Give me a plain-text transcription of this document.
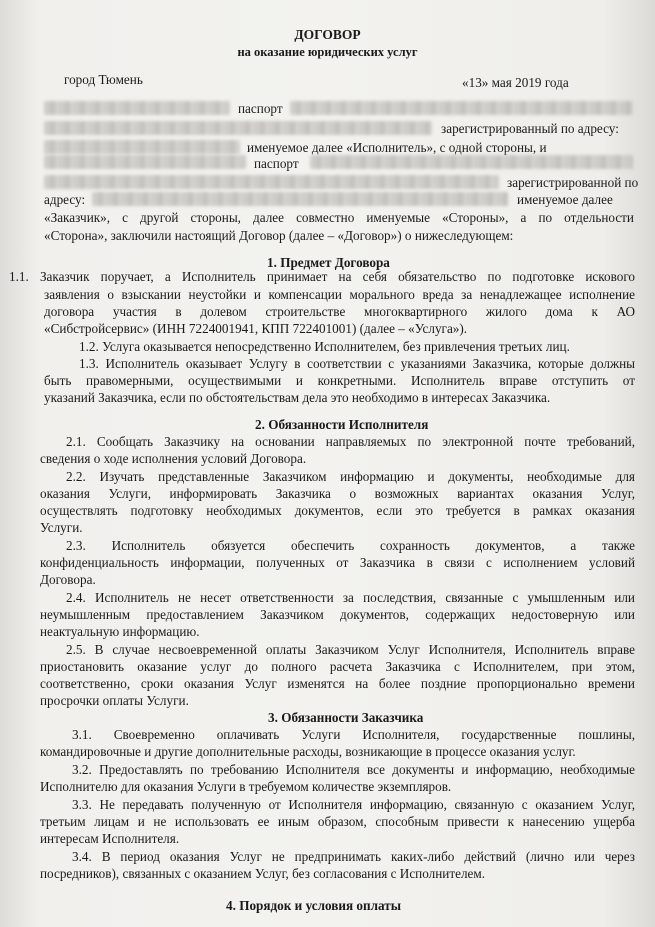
ДОГОВОР
на оказание юридических услуг
город Тюмень	«13» мая 2019 года
паспорт
зарегистрированный по адресу:
именуемое далее «Исполнитель», с одной стороны, и
паспорт
зарегистрированной по
адресу:	именуемое далее
«Заказчик», с другой стороны, далее совместно именуемые «Стороны», а по отдельности
«Сторона», заключили настоящий Договор (далее – «Договор») о нижеследующем:
1. Предмет Договора
1.1. Заказчик поручает, а Исполнитель принимает на себя обязательство по подготовке искового
заявления о взыскании неустойки и компенсации морального вреда за ненадлежащее исполнение
договора участия в долевом строительстве многоквартирного жилого дома к АО
«Сибстройсервис» (ИНН 7224001941, КПП 722401001) (далее – «Услуга»).
1.2. Услуга оказывается непосредственно Исполнителем, без привлечения третьих лиц.
1.3. Исполнитель оказывает Услугу в соответствии с указаниями Заказчика, которые должны
быть правомерными, осуществимыми и конкретными. Исполнитель вправе отступить от
указаний Заказчика, если по обстоятельствам дела это необходимо в интересах Заказчика.
2. Обязанности Исполнителя
2.1. Сообщать Заказчику на основании направляемых по электронной почте требований,
сведения о ходе исполнения условий Договора.
2.2. Изучать представленные Заказчиком информацию и документы, необходимые для
оказания Услуги, информировать Заказчика о возможных вариантах оказания Услуг,
осуществлять подготовку необходимых документов, если это требуется в рамках оказания
Услуги.
2.3. Исполнитель обязуется обеспечить сохранность документов, а также
конфиденциальность информации, полученных от Заказчика в связи с исполнением условий
Договора.
2.4. Исполнитель не несет ответственности за последствия, связанные с умышленным или
неумышленным предоставлением Заказчиком документов, содержащих недостоверную или
неактуальную информацию.
2.5. В случае несвоевременной оплаты Заказчиком Услуг Исполнителя, Исполнитель вправе
приостановить оказание услуг до полного расчета Заказчика с Исполнителем, при этом,
соответственно, сроки оказания Услуг изменятся на более поздние пропорционально времени
просрочки оплаты Услуги.
3. Обязанности Заказчика
3.1. Своевременно оплачивать Услуги Исполнителя, государственные пошлины,
командировочные и другие дополнительные расходы, возникающие в процессе оказания услуг.
3.2. Предоставлять по требованию Исполнителя все документы и информацию, необходимые
Исполнителю для оказания Услуги в требуемом количестве экземпляров.
3.3. Не передавать полученную от Исполнителя информацию, связанную с оказанием Услуг,
третьим лицам и не использовать ее иным образом, способным привести к нанесению ущерба
интересам Исполнителя.
3.4. В период оказания Услуг не предпринимать каких-либо действий (лично или через
посредников), связанных с оказанием Услуг, без согласования с Исполнителем.
4. Порядок и условия оплаты
